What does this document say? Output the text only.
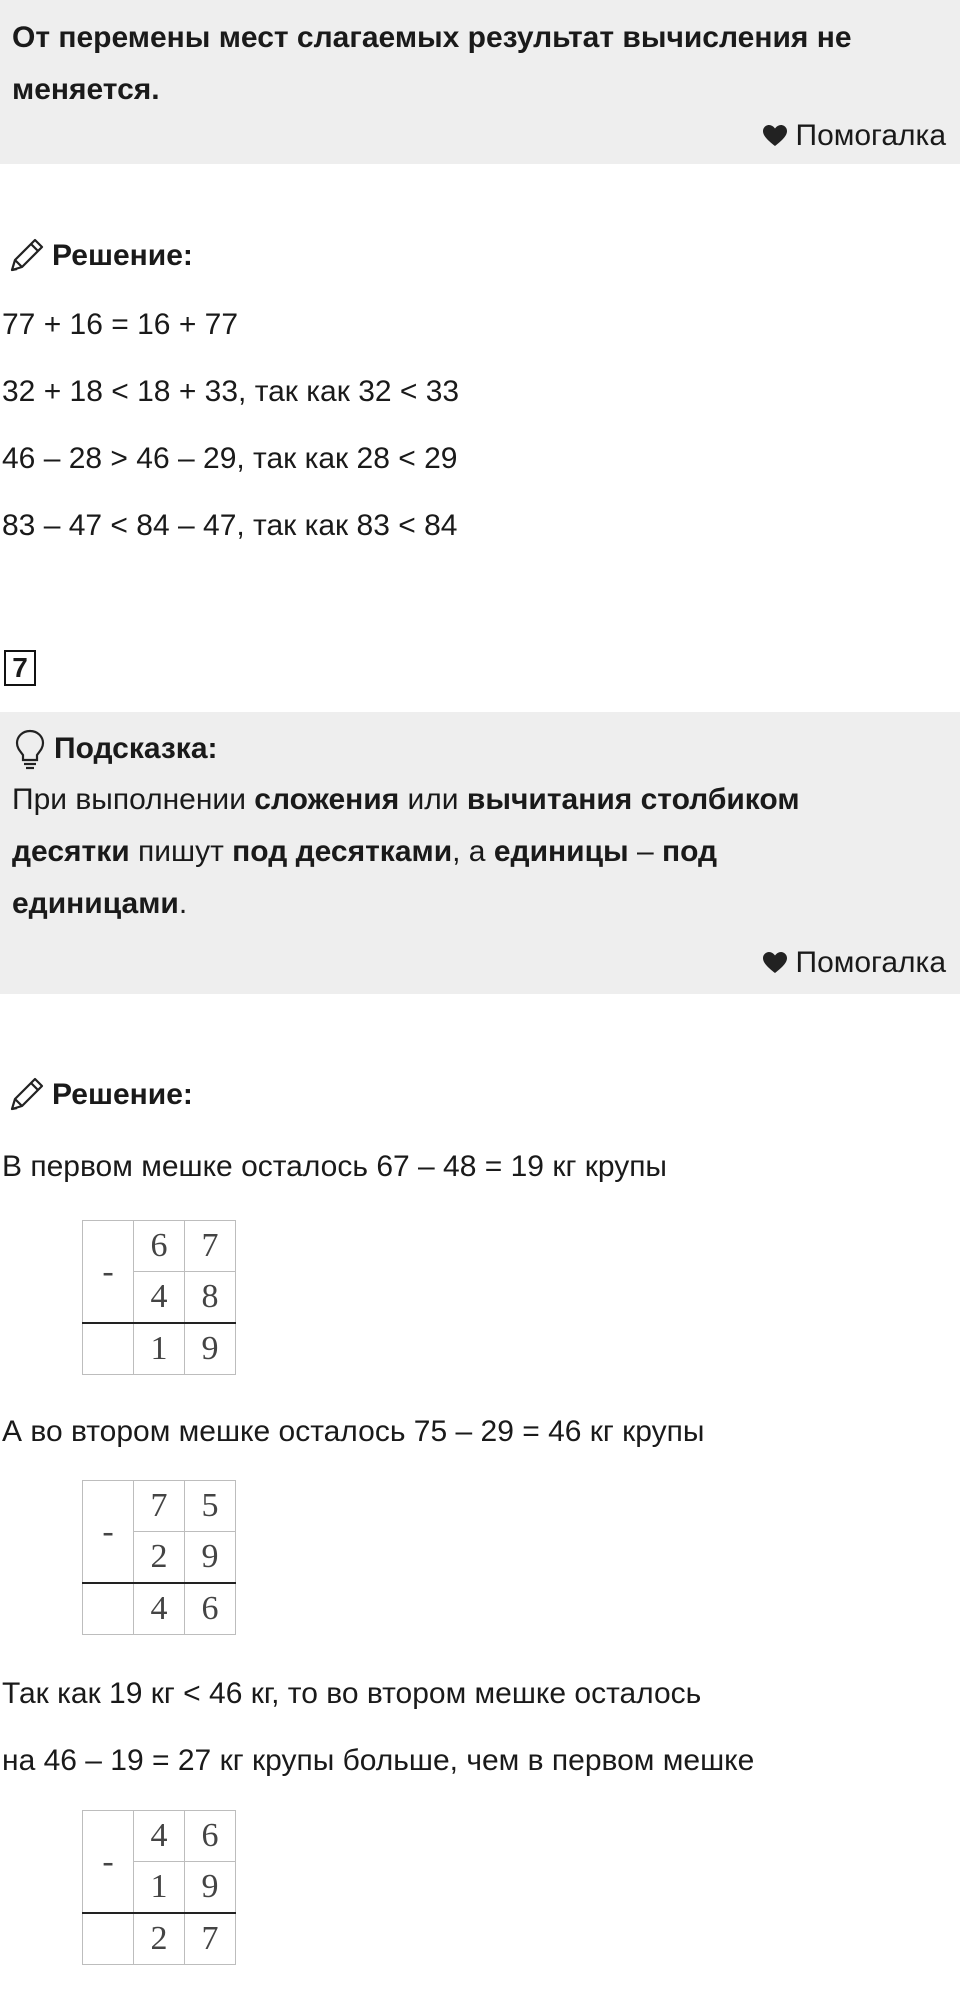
От перемены мест слагаемых результат вычисления не
меняется.
Помогалка
Решение:
77 + 16 = 16 + 77
32 + 18 < 18 + 33, так как 32 < 33
46 – 28 > 46 – 29, так как 28 < 29
83 – 47 < 84 – 47, так как 83 < 84
7
Подсказка:
При выполнении сложения или вычитания столбиком
десятки пишут под десятками, а единицы – под
единицами.
Помогалка
Решение:
В первом мешке осталось 67 – 48 = 19 кг крупы
-	6	7
	4	8
	1	9
А во втором мешке осталось 75 – 29 = 46 кг крупы
-	7	5
	2	9
	4	6
Так как 19 кг < 46 кг, то во втором мешке осталось
на 46 – 19 = 27 кг крупы больше, чем в первом мешке
-	4	6
	1	9
	2	7
